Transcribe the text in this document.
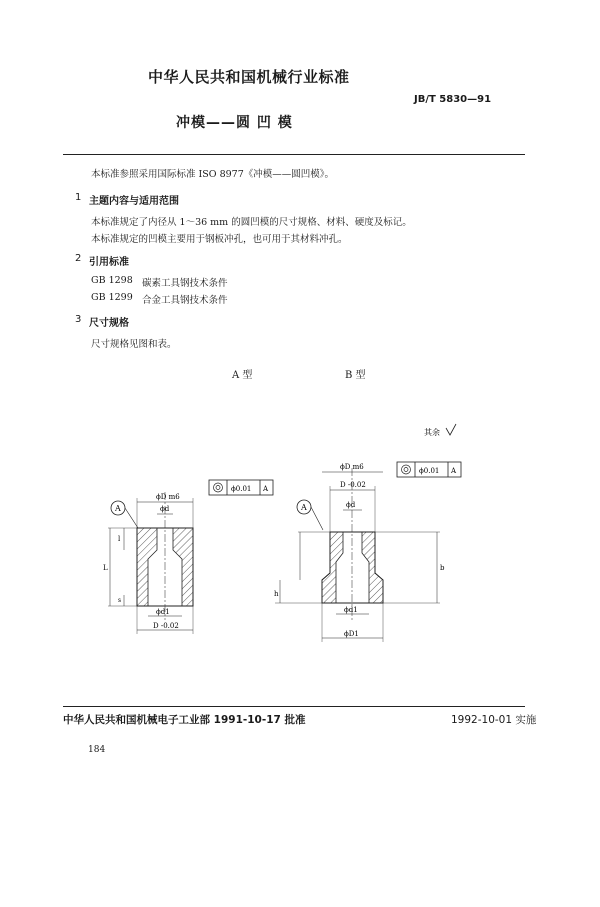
中华人民共和国机械行业标准
JB/T 5830—91
冲模——圆 凹 模
本标准参照采用国际标准 ISO 8977《冲模——圆凹模》。
1 主题内容与适用范围
本标准规定了内径从 1～36 mm 的圆凹模的尺寸规格、材料、硬度及标记。
本标准规定的凹模主要用于钢板冲孔，也可用于其材料冲孔。
2 引用标准
GB 1298 碳素工具钢技术条件
GB 1299 合金工具钢技术条件
3 尺寸规格
尺寸规格见图和表。
A 型	B 型
其余
A
ϕ0.01 A
ϕD m6
ϕd
ϕd1
D -0.02
L
l
s
A
ϕ0.01 A
ϕD m6
D -0.02
ϕd
ϕd1
ϕD1
h
b
中华人民共和国机械电子工业部 1991-10-17 批准	1992-10-01 实施
184
